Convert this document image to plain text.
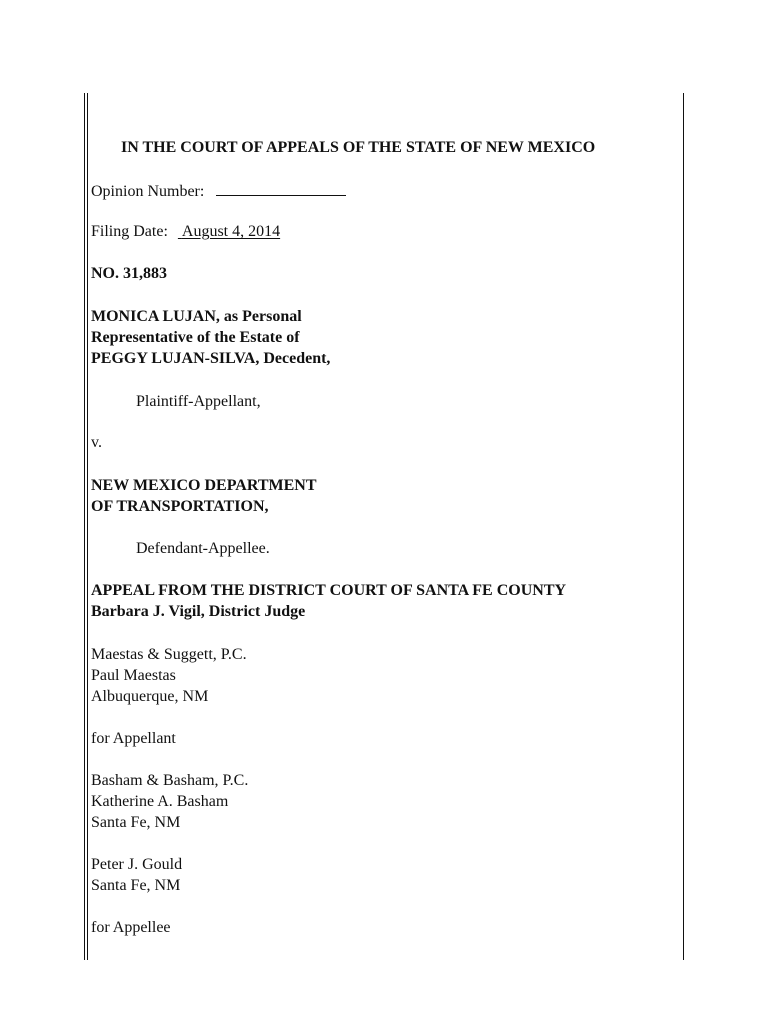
IN THE COURT OF APPEALS OF THE STATE OF NEW MEXICO
Opinion Number:
Filing Date: August 4, 2014
NO. 31,883
MONICA LUJAN, as Personal
Representative of the Estate of
PEGGY LUJAN-SILVA, Decedent,
Plaintiff-Appellant,
v.
NEW MEXICO DEPARTMENT
OF TRANSPORTATION,
Defendant-Appellee.
APPEAL FROM THE DISTRICT COURT OF SANTA FE COUNTY
Barbara J. Vigil, District Judge
Maestas & Suggett, P.C.
Paul Maestas
Albuquerque, NM
for Appellant
Basham & Basham, P.C.
Katherine A. Basham
Santa Fe, NM
Peter J. Gould
Santa Fe, NM
for Appellee
